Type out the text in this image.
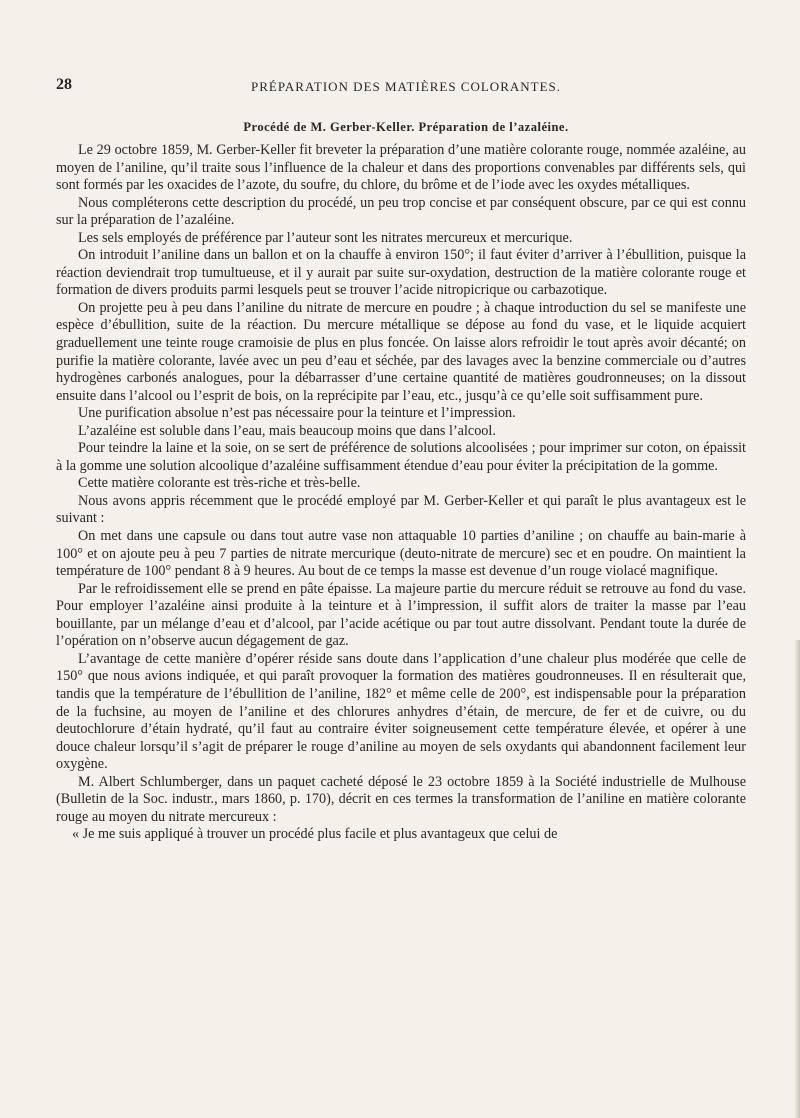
28	PRÉPARATION DES MATIÈRES COLORANTES.
Procédé de M. Gerber-Keller. Préparation de l’azaléine.

Le 29 octobre 1859, M. Gerber-Keller fit breveter la préparation d’une matière colorante rouge, nommée azaléine, au moyen de l’aniline, qu’il traite sous l’influence de la chaleur et dans des proportions convenables par différents sels, qui sont formés par les oxacides de l’azote, du soufre, du chlore, du brôme et de l’iode avec les oxydes métalliques.

Nous compléterons cette description du procédé, un peu trop concise et par conséquent obscure, par ce qui est connu sur la préparation de l’azaléine.

Les sels employés de préférence par l’auteur sont les nitrates mercureux et mercurique.

On introduit l’aniline dans un ballon et on la chauffe à environ 150°; il faut éviter d’arriver à l’ébullition, puisque la réaction deviendrait trop tumultueuse, et il y aurait par suite sur-oxydation, destruction de la matière colorante rouge et formation de divers produits parmi lesquels peut se trouver l’acide nitropicrique ou carbazotique.

On projette peu à peu dans l’aniline du nitrate de mercure en poudre ; à chaque introduction du sel se manifeste une espèce d’ébullition, suite de la réaction. Du mercure métallique se dépose au fond du vase, et le liquide acquiert graduellement une teinte rouge cramoisie de plus en plus foncée. On laisse alors refroidir le tout après avoir décanté; on purifie la matière colorante, lavée avec un peu d’eau et séchée, par des lavages avec la benzine commerciale ou d’autres hydrogènes carbonés analogues, pour la débarrasser d’une certaine quantité de matières goudronneuses; on la dissout ensuite dans l’alcool ou l’esprit de bois, on la reprécipite par l’eau, etc., jusqu’à ce qu’elle soit suffisamment pure.

Une purification absolue n’est pas nécessaire pour la teinture et l’impression.

L’azaléine est soluble dans l’eau, mais beaucoup moins que dans l’alcool.

Pour teindre la laine et la soie, on se sert de préférence de solutions alcoolisées ; pour imprimer sur coton, on épaissit à la gomme une solution alcoolique d’azaléine suffisamment étendue d’eau pour éviter la précipitation de la gomme.

Cette matière colorante est très-riche et très-belle.

Nous avons appris récemment que le procédé employé par M. Gerber-Keller et qui paraît le plus avantageux est le suivant :

On met dans une capsule ou dans tout autre vase non attaquable 10 parties d’aniline ; on chauffe au bain-marie à 100° et on ajoute peu à peu 7 parties de nitrate mercurique (deuto-nitrate de mercure) sec et en poudre. On maintient la température de 100° pendant 8 à 9 heures. Au bout de ce temps la masse est devenue d’un rouge violacé magnifique.

Par le refroidissement elle se prend en pâte épaisse. La majeure partie du mercure réduit se retrouve au fond du vase. Pour employer l’azaléine ainsi produite à la teinture et à l’impression, il suffit alors de traiter la masse par l’eau bouillante, par un mélange d’eau et d’alcool, par l’acide acétique ou par tout autre dissolvant. Pendant toute la durée de l’opération on n’observe aucun dégagement de gaz.

L’avantage de cette manière d’opérer réside sans doute dans l’application d’une chaleur plus modérée que celle de 150° que nous avions indiquée, et qui paraît provoquer la formation des matières goudronneuses. Il en résulterait que, tandis que la température de l’ébullition de l’aniline, 182° et même celle de 200°, est indispensable pour la préparation de la fuchsine, au moyen de l’aniline et des chlorures anhydres d’étain, de mercure, de fer et de cuivre, ou du deutochlorure d’étain hydraté, qu’il faut au contraire éviter soigneusement cette température élevée, et opérer à une douce chaleur lorsqu’il s’agit de préparer le rouge d’aniline au moyen de sels oxydants qui abandonnent facilement leur oxygène.

M. Albert Schlumberger, dans un paquet cacheté déposé le 23 octobre 1859 à la Société industrielle de Mulhouse (Bulletin de la Soc. industr., mars 1860, p. 170), décrit en ces termes la transformation de l’aniline en matière colorante rouge au moyen du nitrate mercureux :

« Je me suis appliqué à trouver un procédé plus facile et plus avantageux que celui de
